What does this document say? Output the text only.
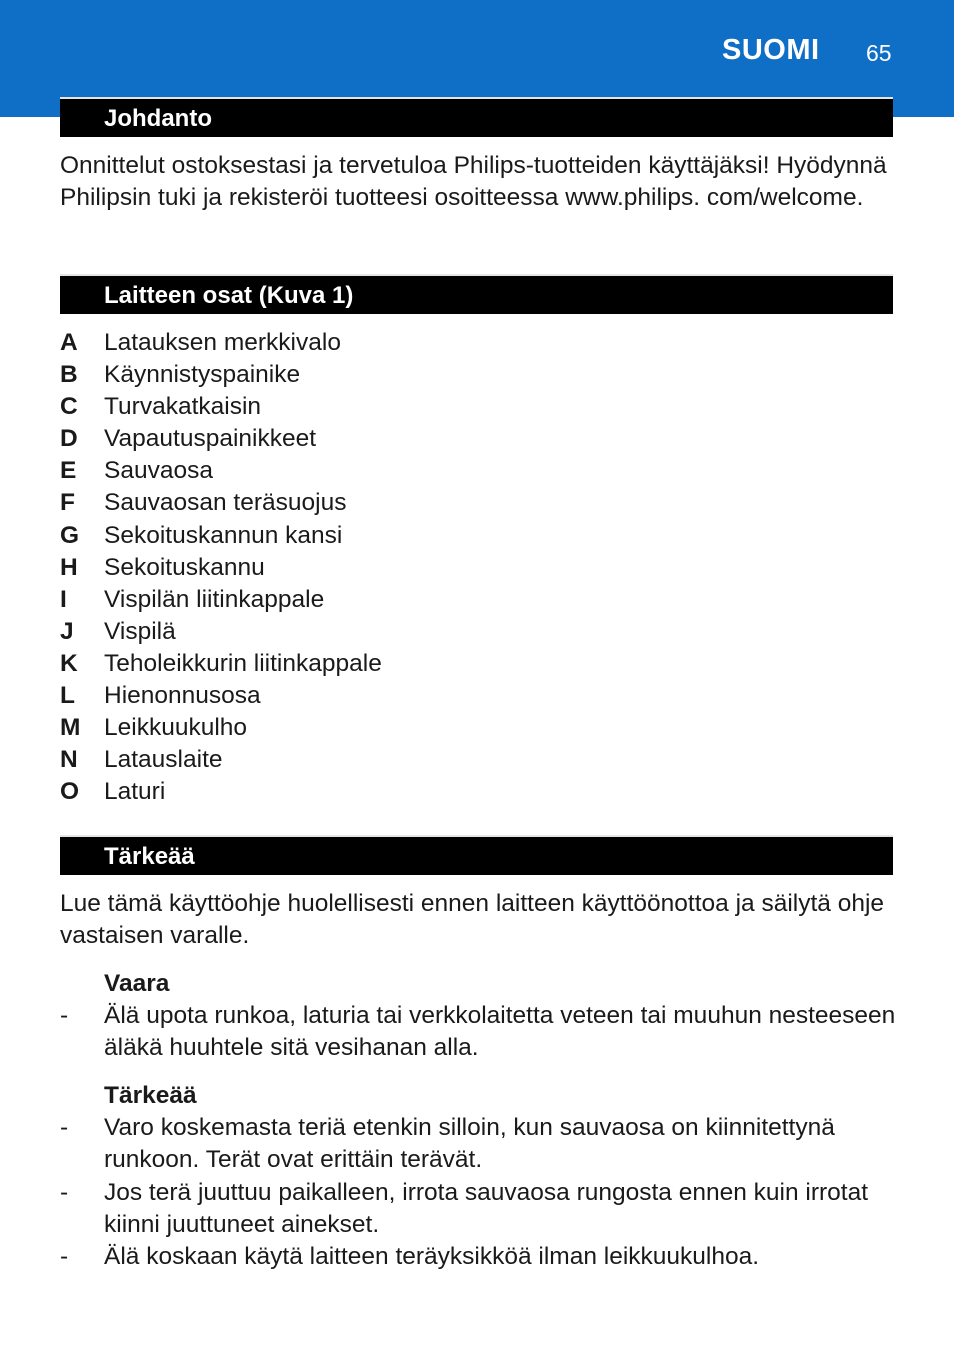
SUOMI 65
Johdanto

Onnittelut ostoksestasi ja tervetuloa Philips-tuotteiden käyttäjäksi! Hyödynnä Philipsin tuki ja rekisteröi tuotteesi osoitteessa www.philips. com/welcome.

Laitteen osat (Kuva 1)
A	Latauksen merkkivalo
B	Käynnistyspainike
C	Turvakatkaisin
D	Vapautuspainikkeet
E	Sauvaosa
F	Sauvaosan teräsuojus
G	Sekoituskannun kansi
H	Sekoituskannu
I	Vispilän liitinkappale
J	Vispilä
K	Teholeikkurin liitinkappale
L	Hienonnusosa
M Leikkuukulho
N	Latauslaite
O	Laturi
Tärkeää

Lue tämä käyttöohje huolellisesti ennen laitteen käyttöönottoa ja säilytä ohje vastaisen varalle.

Vaara
- Älä upota runkoa, laturia tai verkkolaitetta veteen tai muuhun nesteeseen äläkä huuhtele sitä vesihanan alla.
Tärkeää
- Varo koskemasta teriä etenkin silloin, kun sauvaosa on kiinnitettynä runkoon. Terät ovat erittäin terävät.
- Jos terä juuttuu paikalleen, irrota sauvaosa rungosta ennen kuin irrotat kiinni juuttuneet ainekset.
- Älä koskaan käytä laitteen teräyksikköä ilman leikkuukulhoa.
